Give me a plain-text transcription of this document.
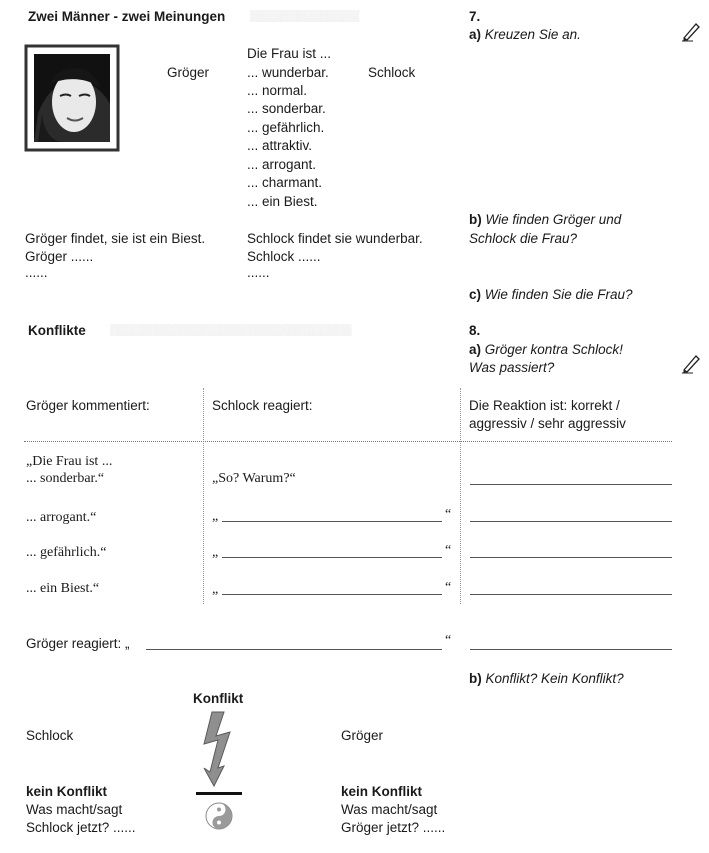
Zwei Männer - zwei Meinungen ▒▒▒▒▒▒▒▒▒▒▒▒▒▒
Gröger	Schlock
Die Frau ist ...
... wunderbar.
... normal.
... sonderbar.
... gefährlich.
... attraktiv.
... arrogant.
... charmant.
... ein Biest.
Gröger findet, sie ist ein Biest.
Gröger ......
......
Schlock findet sie wunderbar.
Schlock ......
......
7.
a) Kreuzen Sie an.
b) Wie finden Gröger und
Schlock die Frau?
c) Wie finden Sie die Frau?
Konflikte ▒▒▒▒▒▒▒▒▒▒▒▒▒▒▒▒▒▒▒▒▒▒▒▒▒▒▒▒▒▒▒	8.
a) Gröger kontra Schlock!
Was passiert?
Gröger kommentiert:	Schlock reagiert:	Die Reaktion ist: korrekt /
aggressiv / sehr aggressiv
„Die Frau ist ...
... sonderbar.“	„So? Warum?“
... arrogant.“	„	“
... gefährlich.“	„	“
... ein Biest.“	„	“
Gröger reagiert: „	“
b) Konflikt? Kein Konflikt?
Konflikt
Schlock	Gröger
kein Konflikt
Was macht/sagt
Schlock jetzt? ......
kein Konflikt
Was macht/sagt
Gröger jetzt? ......
